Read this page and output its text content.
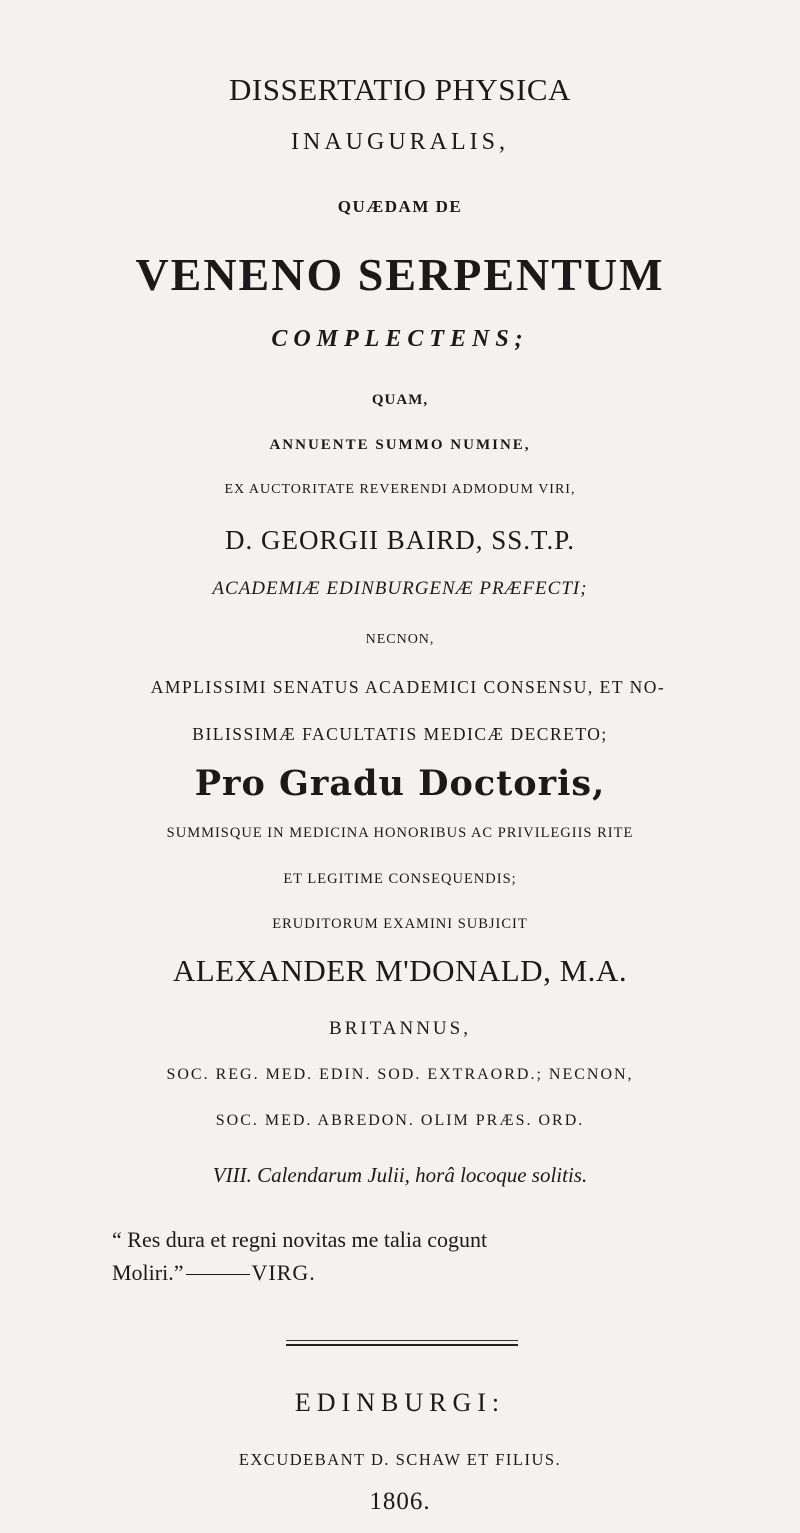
DISSERTATIO PHYSICA
INAUGURALIS,
QUÆDAM DE
VENENO SERPENTUM
COMPLECTENS;
QUAM,
ANNUENTE SUMMO NUMINE,
EX AUCTORITATE REVERENDI ADMODUM VIRI,
D. GEORGII BAIRD, SS.T.P.
ACADEMIÆ EDINBURGENÆ PRÆFECTI;
NECNON,
AMPLISSIMI SENATUS ACADEMICI CONSENSU, ET NO-
BILISSIMÆ FACULTATIS MEDICÆ DECRETO;
Pro Gradu Doctoris,
SUMMISQUE IN MEDICINA HONORIBUS AC PRIVILEGIIS RITE
ET LEGITIME CONSEQUENDIS;
ERUDITORUM EXAMINI SUBJICIT
ALEXANDER M'DONALD, M.A.
BRITANNUS,
SOC. REG. MED. EDIN. SOD. EXTRAORD.; NECNON,
SOC. MED. ABREDON. OLIM PRÆS. ORD.
VIII. Calendarum Julii, horâ locoque solitis.
“ Res dura et regni novitas me talia cogunt
Moliri.”	VIRG.
EDINBURGI:
EXCUDEBANT D. SCHAW ET FILIUS.
1806.
